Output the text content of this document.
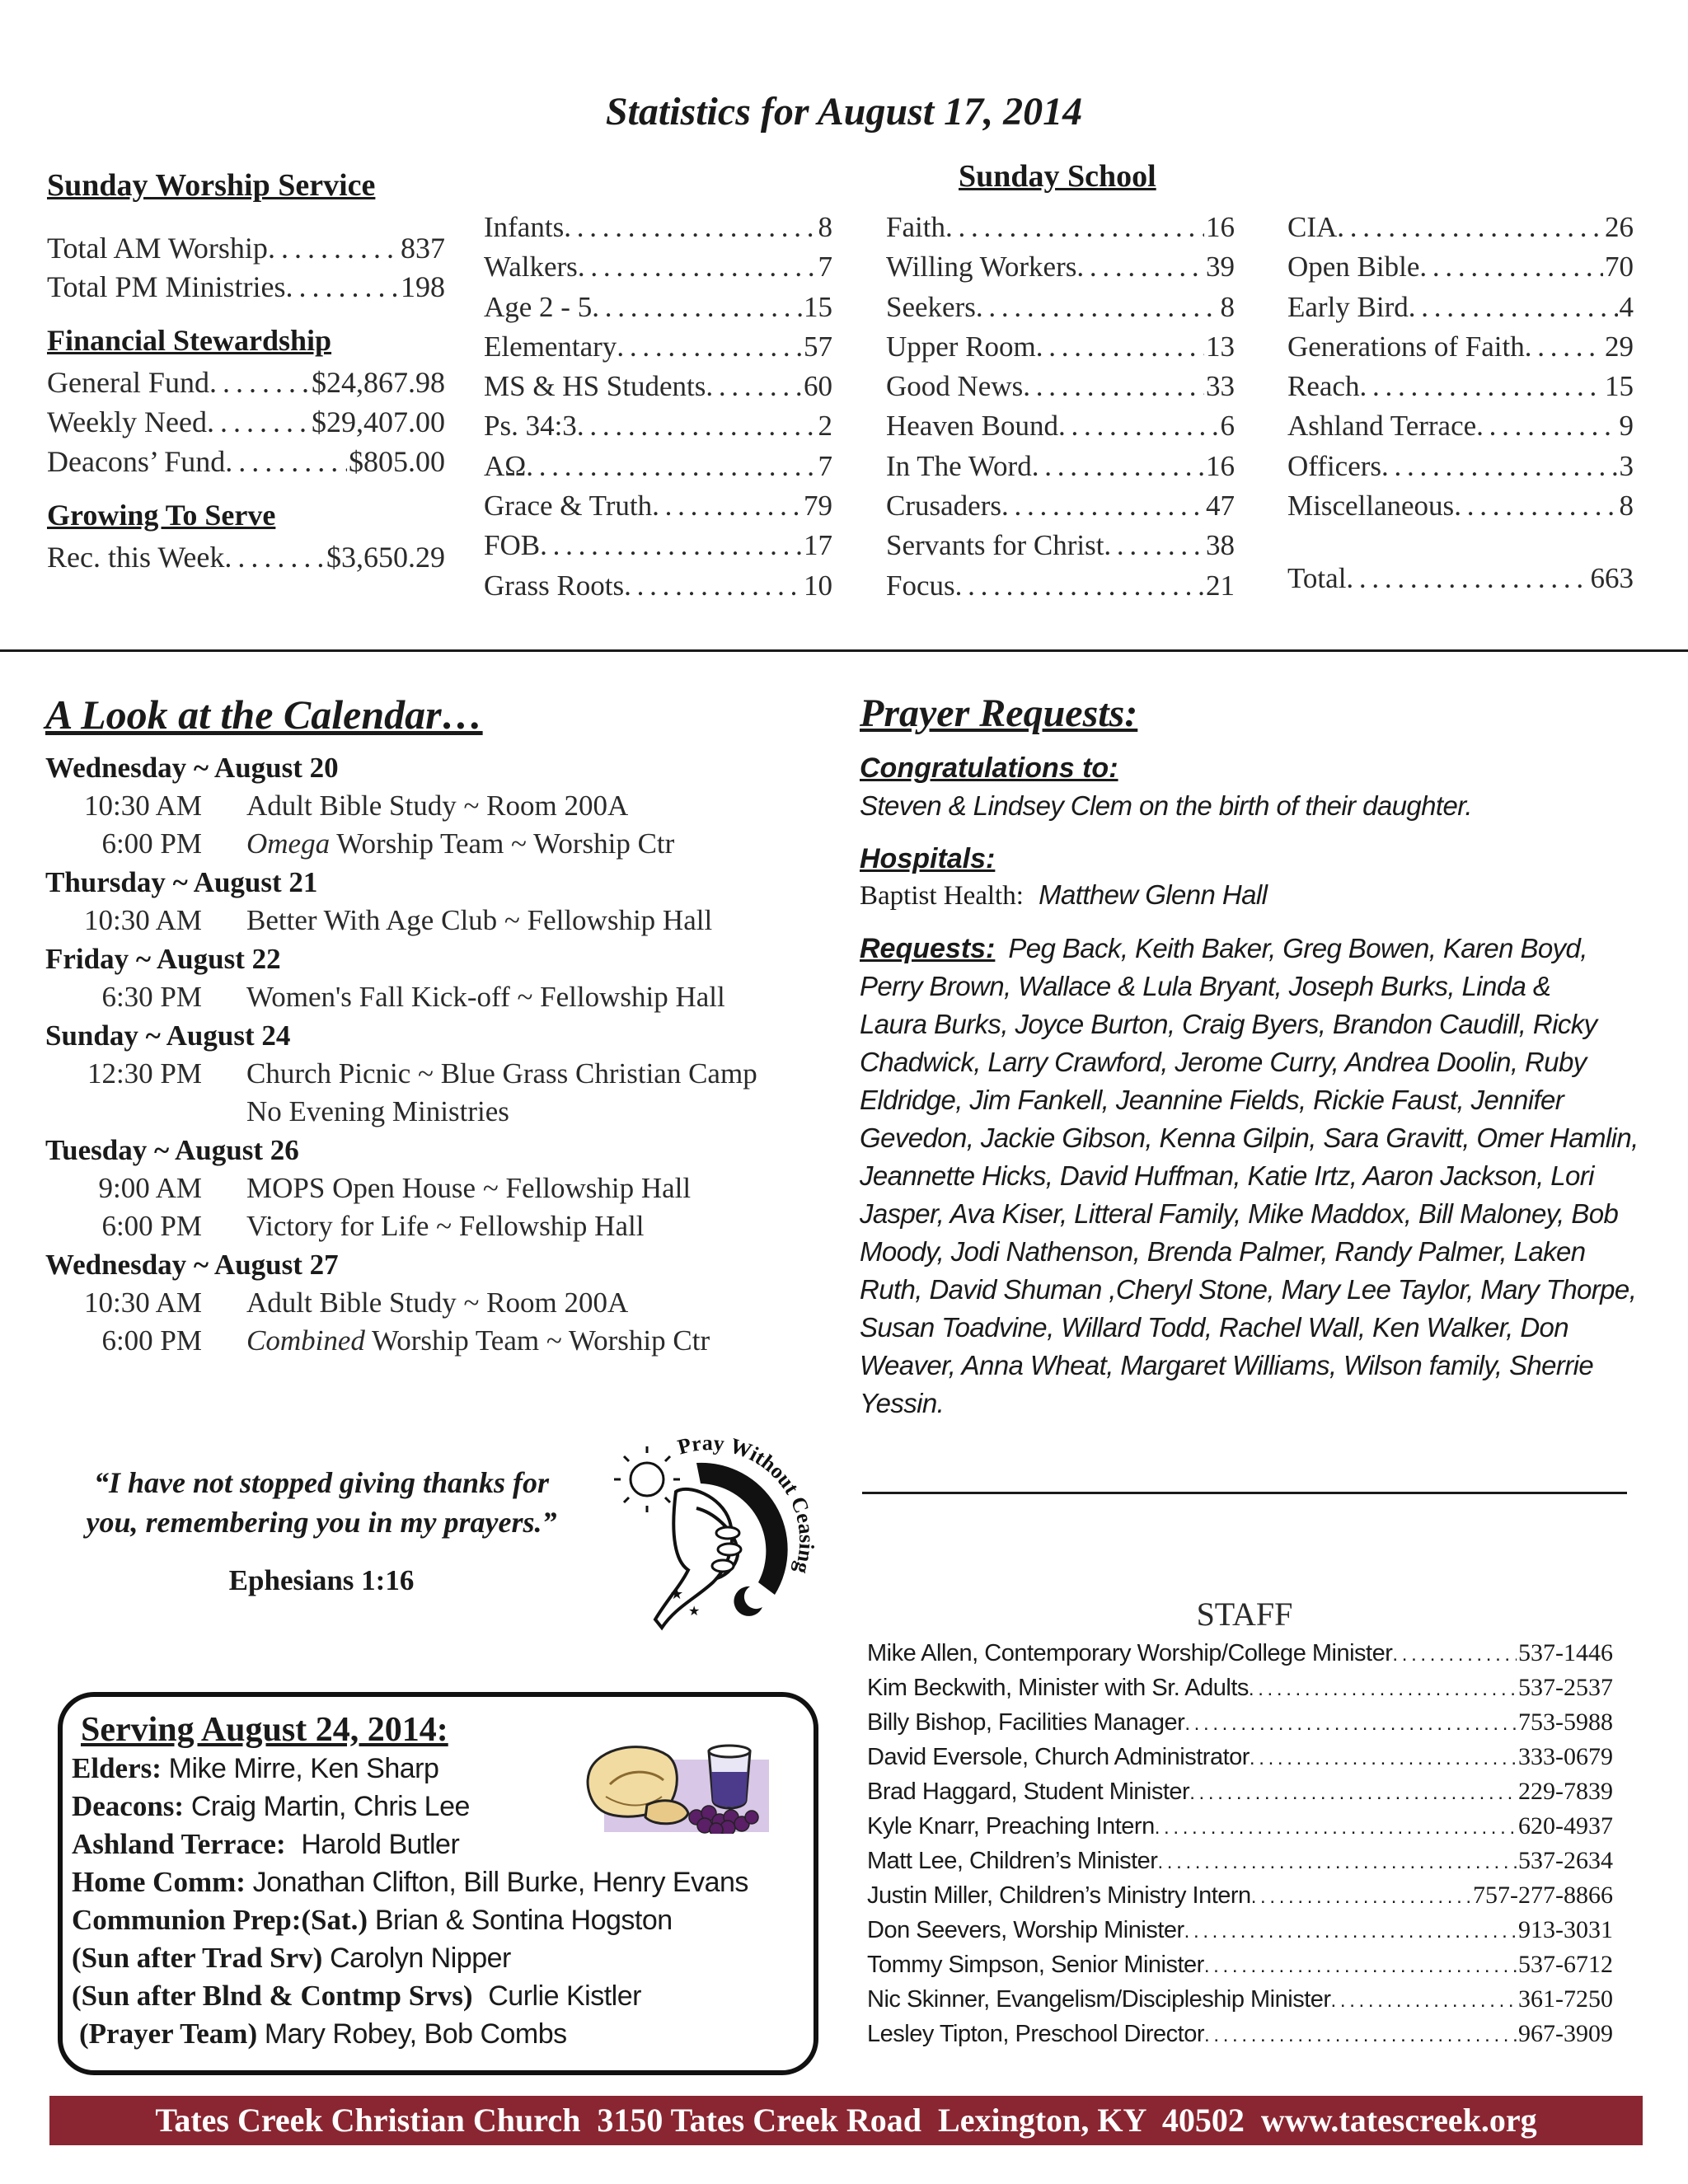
Statistics for August 17, 2014
Sunday Worship Service
Total AM Worship . . .	837
Total PM Ministries . . .	198
Financial Stewardship
General Fund . . .	$24,867.98
Weekly Need . . .	$29,407.00
Deacons’ Fund . . .	$805.00
Growing To Serve
Rec. this Week . . .	$3,650.29
Sunday School
Infants . . .	8
Walkers . . .	7
Age 2 - 5 . . .	15
Elementary . . .	57
MS & HS Students . . .	60
Ps. 34:3 . . .	2
ΑΩ . . .	7
Grace & Truth . . .	79
FOB . . .	17
Grass Roots . . .	10
Faith . . .	16
Willing Workers . . .	39
Seekers . . .	8
Upper Room . . .	13
Good News . . .	33
Heaven Bound . . .	6
In The Word . . .	16
Crusaders . . .	47
Servants for Christ . . .	38
Focus . . .	21
CIA . . .	26
Open Bible . . .	70
Early Bird . . .	4
Generations of Faith . . .	29
Reach . . .	15
Ashland Terrace . . .	9
Officers . . .	3
Miscellaneous . . .	8
Total . . .	663
A Look at the Calendar…
Wednesday ~ August 20
10:30 AM	Adult Bible Study ~ Room 200A
6:00 PM	Omega Worship Team ~ Worship Ctr
Thursday ~ August 21
10:30 AM	Better With Age Club ~ Fellowship Hall
Friday ~ August 22
6:30 PM	Women's Fall Kick-off ~ Fellowship Hall
Sunday ~ August 24
12:30 PM	Church Picnic ~ Blue Grass Christian Camp
No Evening Ministries
Tuesday ~ August 26
9:00 AM	MOPS Open House ~ Fellowship Hall
6:00 PM	Victory for Life ~ Fellowship Hall
Wednesday ~ August 27
10:30 AM	Adult Bible Study ~ Room 200A
6:00 PM	Combined Worship Team ~ Worship Ctr
Prayer Requests:
Congratulations to:
Steven & Lindsey Clem on the birth of their daughter.
Hospitals:
Baptist Health: Matthew Glenn Hall
Requests: Peg Back, Keith Baker, Greg Bowen, Karen Boyd,
Perry Brown, Wallace & Lula Bryant, Joseph Burks, Linda &
Laura Burks, Joyce Burton, Craig Byers, Brandon Caudill, Ricky
Chadwick, Larry Crawford, Jerome Curry, Andrea Doolin, Ruby
Eldridge, Jim Fankell, Jeannine Fields, Rickie Faust, Jennifer
Gevedon, Jackie Gibson, Kenna Gilpin, Sara Gravitt, Omer Hamlin,
Jeannette Hicks, David Huffman, Katie Irtz, Aaron Jackson, Lori
Jasper, Ava Kiser, Litteral Family, Mike Maddox, Bill Maloney, Bob
Moody, Jodi Nathenson, Brenda Palmer, Randy Palmer, Laken
Ruth, David Shuman ,Cheryl Stone, Mary Lee Taylor, Mary Thorpe,
Susan Toadvine, Willard Todd, Rachel Wall, Ken Walker, Don
Weaver, Anna Wheat, Margaret Williams, Wilson family, Sherrie
Yessin.
“I have not stopped giving thanks for
you, remembering you in my prayers.”
Ephesians 1:16
Pray Without Ceasing
★
★
Serving August 24, 2014:
Elders: Mike Mirre, Ken Sharp
Deacons: Craig Martin, Chris Lee
Ashland Terrace: Harold Butler
Home Comm: Jonathan Clifton, Bill Burke, Henry Evans
Communion Prep:(Sat.) Brian & Sontina Hogston
(Sun after Trad Srv) Carolyn Nipper
(Sun after Blnd & Contmp Srvs) Curlie Kistler
(Prayer Team) Mary Robey, Bob Combs
STAFF
Mike Allen, Contemporary Worship/College Minister . . .	537-1446
Kim Beckwith, Minister with Sr. Adults . . .	537-2537
Billy Bishop, Facilities Manager . . .	753-5988
David Eversole, Church Administrator . . .	333-0679
Brad Haggard, Student Minister . . .	229-7839
Kyle Knarr, Preaching Intern . . .	620-4937
Matt Lee, Children’s Minister . . .	537-2634
Justin Miller, Children’s Ministry Intern . . .	757-277-8866
Don Seevers, Worship Minister . . .	913-3031
Tommy Simpson, Senior Minister . . .	537-6712
Nic Skinner, Evangelism/Discipleship Minister . . .	361-7250
Lesley Tipton, Preschool Director . . .	967-3909
Tates Creek Christian Church  3150 Tates Creek Road  Lexington, KY  40502  www.tatescreek.org
